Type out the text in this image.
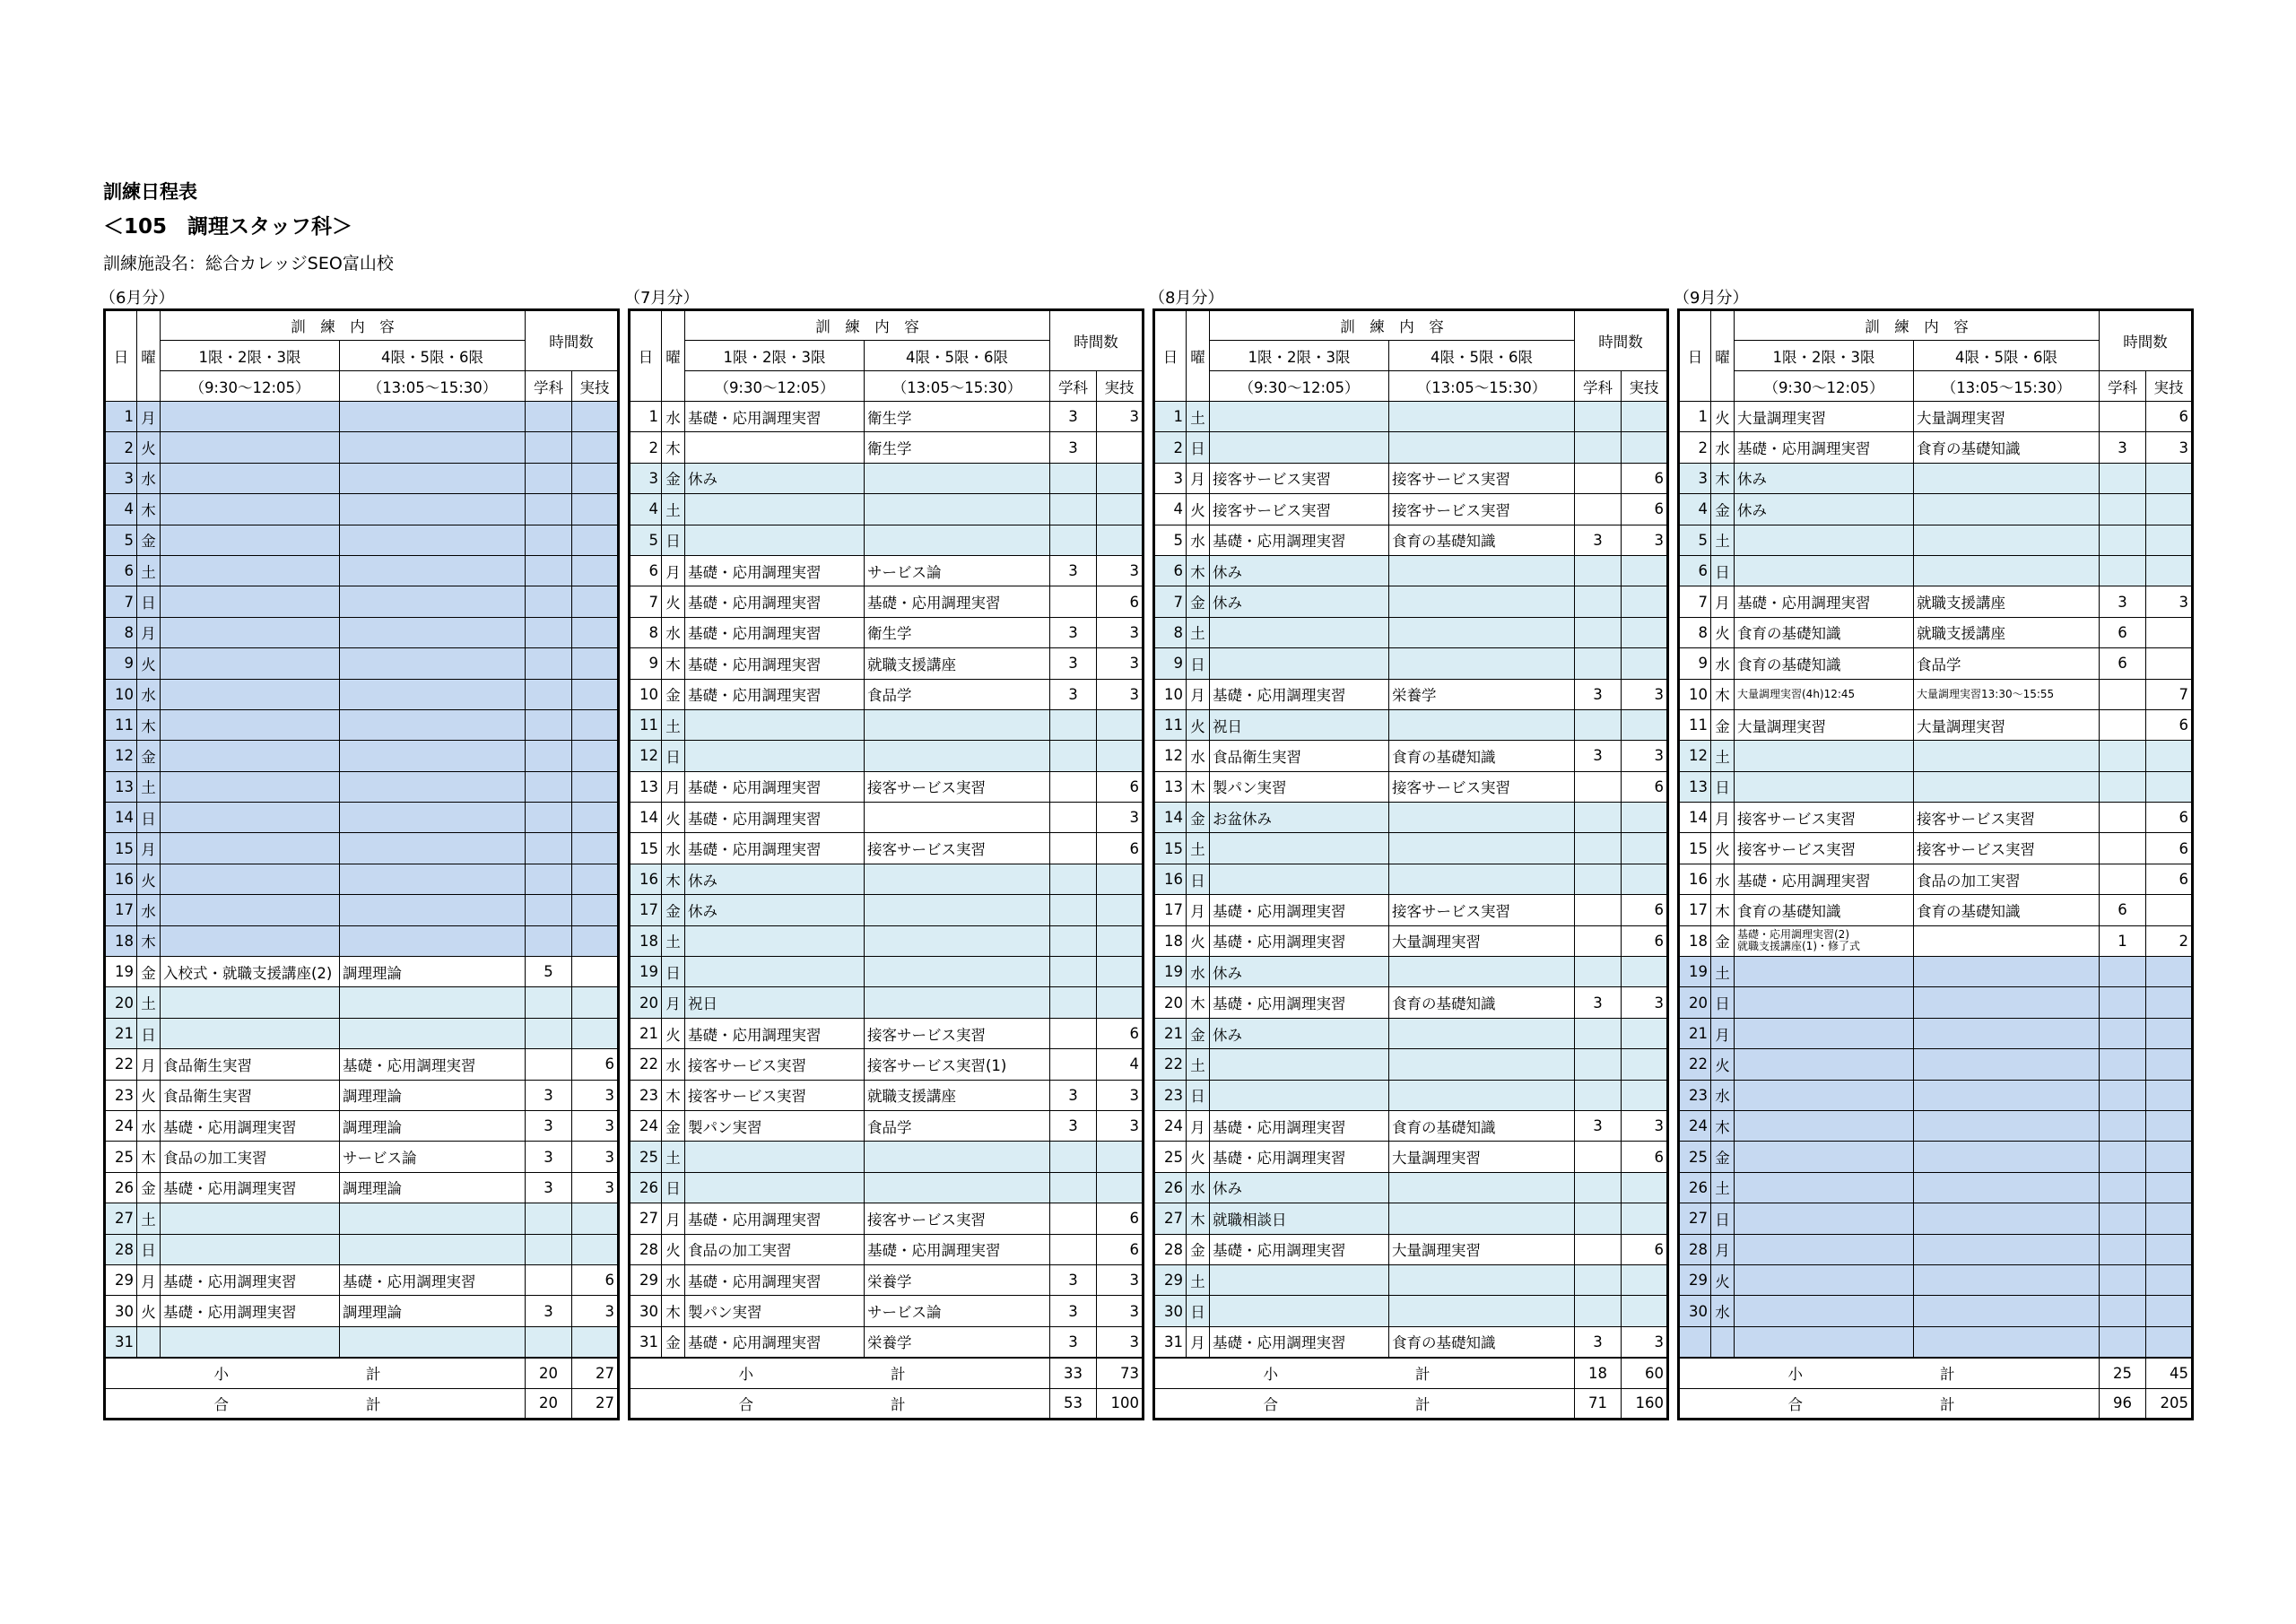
訓練日程表
＜105　調理スタッフ科＞
訓練施設名：総合カレッジSEO富山校
（6月分）
日	曜	訓　練　内　容		時間数	
		1限・2限・3限	4限・5限・6限		
		（9:30～12:05）	（13:05～15:30）	学科	実技
1	月				
2	火				
3	水				
4	木				
5	金				
6	土				
7	日				
8	月				
9	火				
10	水				
11	木				
12	金				
13	土				
14	日				
15	月				
16	火				
17	水				
18	木				
19	金	入校式・就職支援講座(2)	調理理論	5	
20	土				
21	日				
22	月	食品衛生実習	基礎・応用調理実習		6
23	火	食品衛生実習	調理理論	3	3
24	水	基礎・応用調理実習	調理理論	3	3
25	木	食品の加工実習	サービス論	3	3
26	金	基礎・応用調理実習	調理理論	3	3
27	土				
28	日				
29	月	基礎・応用調理実習	基礎・応用調理実習		6
30	火	基礎・応用調理実習	調理理論	3	3
31					
小　　計				20	27
合　　計				20	27
（7月分）
日	曜	訓　練　内　容		時間数	
		1限・2限・3限	4限・5限・6限		
		（9:30～12:05）	（13:05～15:30）	学科	実技
1	水	基礎・応用調理実習	衛生学	3	3
2	木		衛生学	3	
3	金	休み			
4	土				
5	日				
6	月	基礎・応用調理実習	サービス論	3	3
7	火	基礎・応用調理実習	基礎・応用調理実習		6
8	水	基礎・応用調理実習	衛生学	3	3
9	木	基礎・応用調理実習	就職支援講座	3	3
10	金	基礎・応用調理実習	食品学	3	3
11	土				
12	日				
13	月	基礎・応用調理実習	接客サービス実習		6
14	火	基礎・応用調理実習			3
15	水	基礎・応用調理実習	接客サービス実習		6
16	木	休み			
17	金	休み			
18	土				
19	日				
20	月	祝日			
21	火	基礎・応用調理実習	接客サービス実習		6
22	水	接客サービス実習	接客サービス実習(1)		4
23	木	接客サービス実習	就職支援講座	3	3
24	金	製パン実習	食品学	3	3
25	土				
26	日				
27	月	基礎・応用調理実習	接客サービス実習		6
28	火	食品の加工実習	基礎・応用調理実習		6
29	水	基礎・応用調理実習	栄養学	3	3
30	木	製パン実習	サービス論	3	3
31	金	基礎・応用調理実習	栄養学	3	3
小　　計				33	73
合　　計				53	100
（8月分）
日	曜	訓　練　内　容		時間数	
		1限・2限・3限	4限・5限・6限		
		（9:30～12:05）	（13:05～15:30）	学科	実技
1	土				
2	日				
3	月	接客サービス実習	接客サービス実習		6
4	火	接客サービス実習	接客サービス実習		6
5	水	基礎・応用調理実習	食育の基礎知識	3	3
6	木	休み			
7	金	休み			
8	土				
9	日				
10	月	基礎・応用調理実習	栄養学	3	3
11	火	祝日			
12	水	食品衛生実習	食育の基礎知識	3	3
13	木	製パン実習	接客サービス実習		6
14	金	お盆休み			
15	土				
16	日				
17	月	基礎・応用調理実習	接客サービス実習		6
18	火	基礎・応用調理実習	大量調理実習		6
19	水	休み			
20	木	基礎・応用調理実習	食育の基礎知識	3	3
21	金	休み			
22	土				
23	日				
24	月	基礎・応用調理実習	食育の基礎知識	3	3
25	火	基礎・応用調理実習	大量調理実習		6
26	水	休み			
27	木	就職相談日			
28	金	基礎・応用調理実習	大量調理実習		6
29	土				
30	日				
31	月	基礎・応用調理実習	食育の基礎知識	3	3
小　　計				18	60
合　　計				71	160
（9月分）
日	曜	訓　練　内　容		時間数	
		1限・2限・3限	4限・5限・6限		
		（9:30～12:05）	（13:05～15:30）	学科	実技
1	火	大量調理実習	大量調理実習		6
2	水	基礎・応用調理実習	食育の基礎知識	3	3
3	木	休み			
4	金	休み			
5	土				
6	日				
7	月	基礎・応用調理実習	就職支援講座	3	3
8	火	食育の基礎知識	就職支援講座	6	
9	水	食育の基礎知識	食品学	6	
10	木	大量調理実習(4h)12:45	大量調理実習13:30～15:55		7
11	金	大量調理実習	大量調理実習		6
12	土				
13	日				
14	月	接客サービス実習	接客サービス実習		6
15	火	接客サービス実習	接客サービス実習		6
16	水	基礎・応用調理実習	食品の加工実習		6
17	木	食育の基礎知識	食育の基礎知識	6	
18	金	基礎・応用調理実習(2)
就職支援講座(1)・修了式		1	2
19	土				
20	日				
21	月				
22	火				
23	水				
24	木				
25	金				
26	土				
27	日				
28	月				
29	火				
30	水				

小　　計				25	45
合　　計				96	205
